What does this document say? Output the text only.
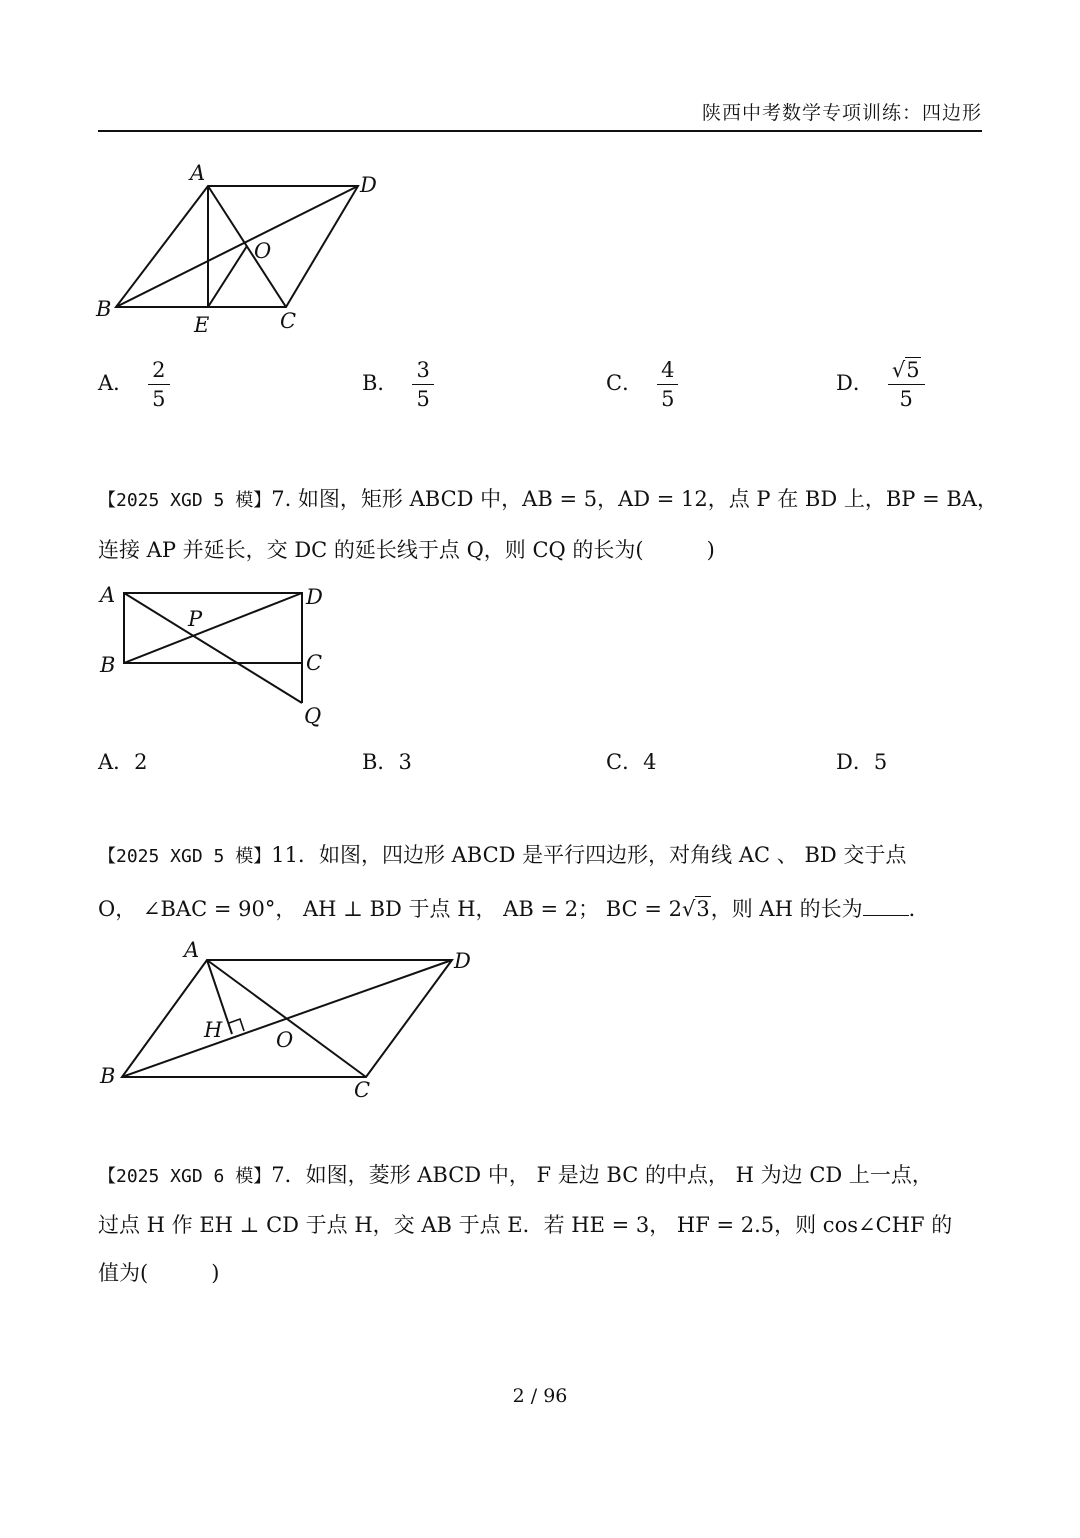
陕西中考数学专项训练：四边形
A	D
O
B
E	C
A． $\frac{2}{5}$	B． $\frac{3}{5}$	C． $\frac{4}{5}$	D． $\frac{√5}{5}$
【2025 XGD 5 模】7. 如图，矩形 ABCD 中，AB = 5，AD = 12，点 P 在 BD 上，BP = BA，
连接 AP 并延长，交 DC 的延长线于点 Q，则 CQ 的长为(　　　)
A	D
P
B	C
Q
A．2	B．3	C．4	D．5
【2025 XGD 5 模】11．如图，四边形 ABCD 是平行四边形，对角线 AC 、 BD 交于点
O， ∠BAC = 90°， AH ⊥ BD 于点 H， AB = 2； BC = 2√3，则 AH 的长为 ．
A	D
H	O
B
C
【2025 XGD 6 模】7．如图，菱形 ABCD 中， F 是边 BC 的中点， H 为边 CD 上一点，
过点 H 作 EH ⊥ CD 于点 H，交 AB 于点 E．若 HE = 3， HF = 2.5，则 cos∠CHF 的
值为(　　　)
2 / 96
